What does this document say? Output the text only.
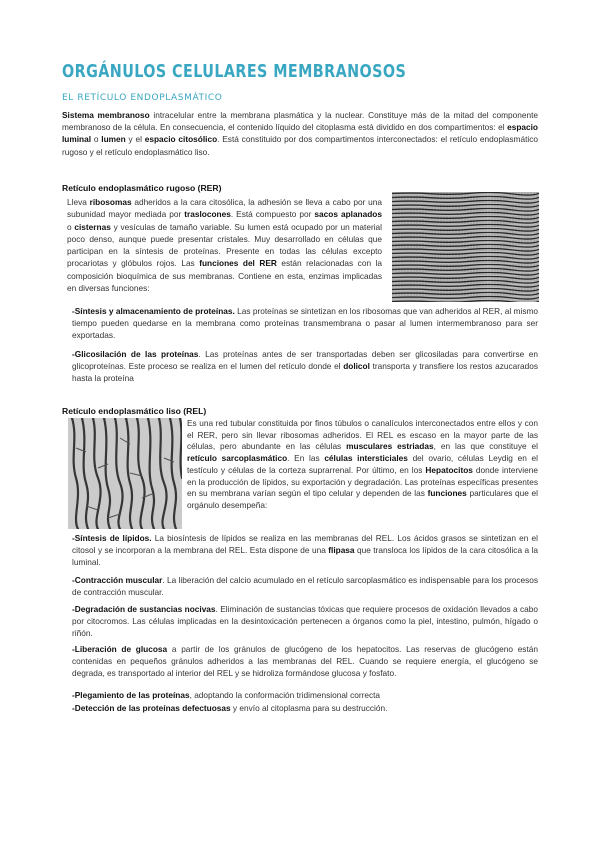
ORGÁNULOS CELULARES MEMBRANOSOS
EL RETÍCULO ENDOPLASMÁTICO
Sistema membranoso intracelular entre la membrana plasmática y la nuclear. Constituye más de la mitad del componente membranoso de la célula. En consecuencia, el contenido líquido del citoplasma está dividido en dos compartimentos: el espacio luminal o lumen y el espacio citosólico. Está constituido por dos compartimentos interconectados: el retículo endoplasmático rugoso y el retículo endoplasmático liso.
Retículo endoplasmático rugoso (RER)
Lleva ribosomas adheridos a la cara citosólica, la adhesión se lleva a cabo por una subunidad mayor mediada por traslocones. Está compuesto por sacos aplanados o cisternas y vesículas de tamaño variable. Su lumen está ocupado por un material poco denso, aunque puede presentar cristales. Muy desarrollado en células que participan en la síntesis de proteínas. Presente en todas las células excepto procariotas y glóbulos rojos. Las funciones del RER están relacionadas con la composición bioquímica de sus membranas. Contiene en esta, enzimas implicadas en diversas funciones:
-Síntesis y almacenamiento de proteínas. Las proteínas se sintetizan en los ribosomas que van adheridos al RER, al mismo tiempo pueden quedarse en la membrana como proteínas transmembrana o pasar al lumen intermembranoso para ser exportadas.
-Glicosilación de las proteínas. Las proteínas antes de ser transportadas deben ser glicosiladas para convertirse en glicoproteínas. Este proceso se realiza en el lumen del retículo donde el dolicol transporta y transfiere los restos azucarados hasta la proteína
Retículo endoplasmático liso (REL)
Es una red tubular constituida por finos túbulos o canalículos interconectados entre ellos y con el RER, pero sin llevar ribosomas adheridos. El REL es escaso en la mayor parte de las células, pero abundante en las células musculares estriadas, en las que constituye el retículo sarcoplasmático. En las células intersticiales del ovario, células Leydig en el testículo y células de la corteza suprarrenal. Por último, en los Hepatocitos donde interviene en la producción de lípidos, su exportación y degradación. Las proteínas específicas presentes en su membrana varían según el tipo celular y dependen de las funciones particulares que el orgánulo desempeña:
-Síntesis de lípidos. La biosíntesis de lípidos se realiza en las membranas del REL. Los ácidos grasos se sintetizan en el citosol y se incorporan a la membrana del REL. Esta dispone de una flipasa que transloca los lípidos de la cara citosólica a la luminal.
-Contracción muscular. La liberación del calcio acumulado en el retículo sarcoplasmático es indispensable para los procesos de contracción muscular.
-Degradación de sustancias nocivas. Eliminación de sustancias tóxicas que requiere procesos de oxidación llevados a cabo por citocromos. Las células implicadas en la desintoxicación pertenecen a órganos como la piel, intestino, pulmón, hígado o riñón.
-Liberación de glucosa a partir de los gránulos de glucógeno de los hepatocitos. Las reservas de glucógeno están contenidas en pequeños gránulos adheridos a las membranas del REL. Cuando se requiere energía, el glucógeno se degrada, es transportado al interior del REL y se hidroliza formándose glucosa y fosfato.
-Plegamiento de las proteínas, adoptando la conformación tridimensional correcta
-Detección de las proteínas defectuosas y envío al citoplasma para su destrucción.
